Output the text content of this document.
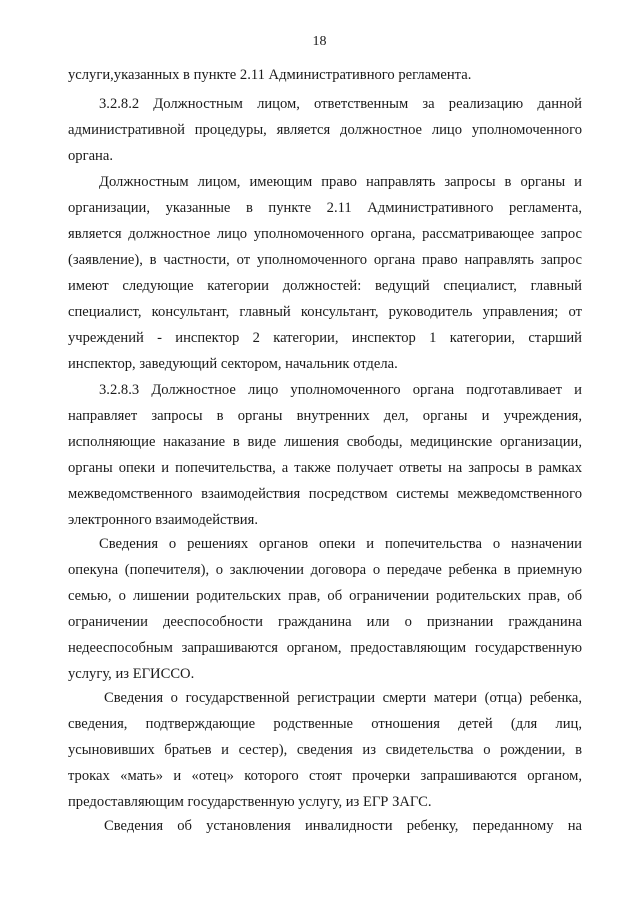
18
услуги,указанных в пункте 2.11 Административного регламента.
3.2.8.2 Должностным лицом, ответственным за реализацию данной
административной процедуры, является должностное лицо уполномоченного
органа.
Должностным лицом, имеющим право направлять запросы в органы и
организации, указанные в пункте 2.11 Административного регламента,
является должностное лицо уполномоченного органа, рассматривающее запрос
(заявление), в частности, от уполномоченного органа право направлять запрос
имеют следующие категории должностей: ведущий специалист, главный
специалист, консультант, главный консультант, руководитель управления; от
учреждений - инспектор 2 категории, инспектор 1 категории, старший
инспектор, заведующий сектором, начальник отдела.
3.2.8.3 Должностное лицо уполномоченного органа подготавливает и
направляет запросы в органы внутренних дел, органы и учреждения,
исполняющие наказание в виде лишения свободы, медицинские организации,
органы опеки и попечительства, а также получает ответы на запросы в рамках
межведомственного взаимодействия посредством системы межведомственного
электронного взаимодействия.
Сведения о решениях органов опеки и попечительства о назначении
опекуна (попечителя), о заключении договора о передаче ребенка в приемную
семью, о лишении родительских прав, об ограничении родительских прав, об
ограничении дееспособности гражданина или о признании гражданина
недееспособным запрашиваются органом, предоставляющим государственную
услугу, из ЕГИССО.
Сведения о государственной регистрации смерти матери (отца) ребенка,
сведения, подтверждающие родственные отношения детей (для лиц,
усыновивших братьев и сестер), сведения из свидетельства о рождении, в
троках «мать» и «отец» которого стоят прочерки запрашиваются органом,
предоставляющим государственную услугу, из ЕГР ЗАГС.
Сведения об установления инвалидности ребенку, переданному на
